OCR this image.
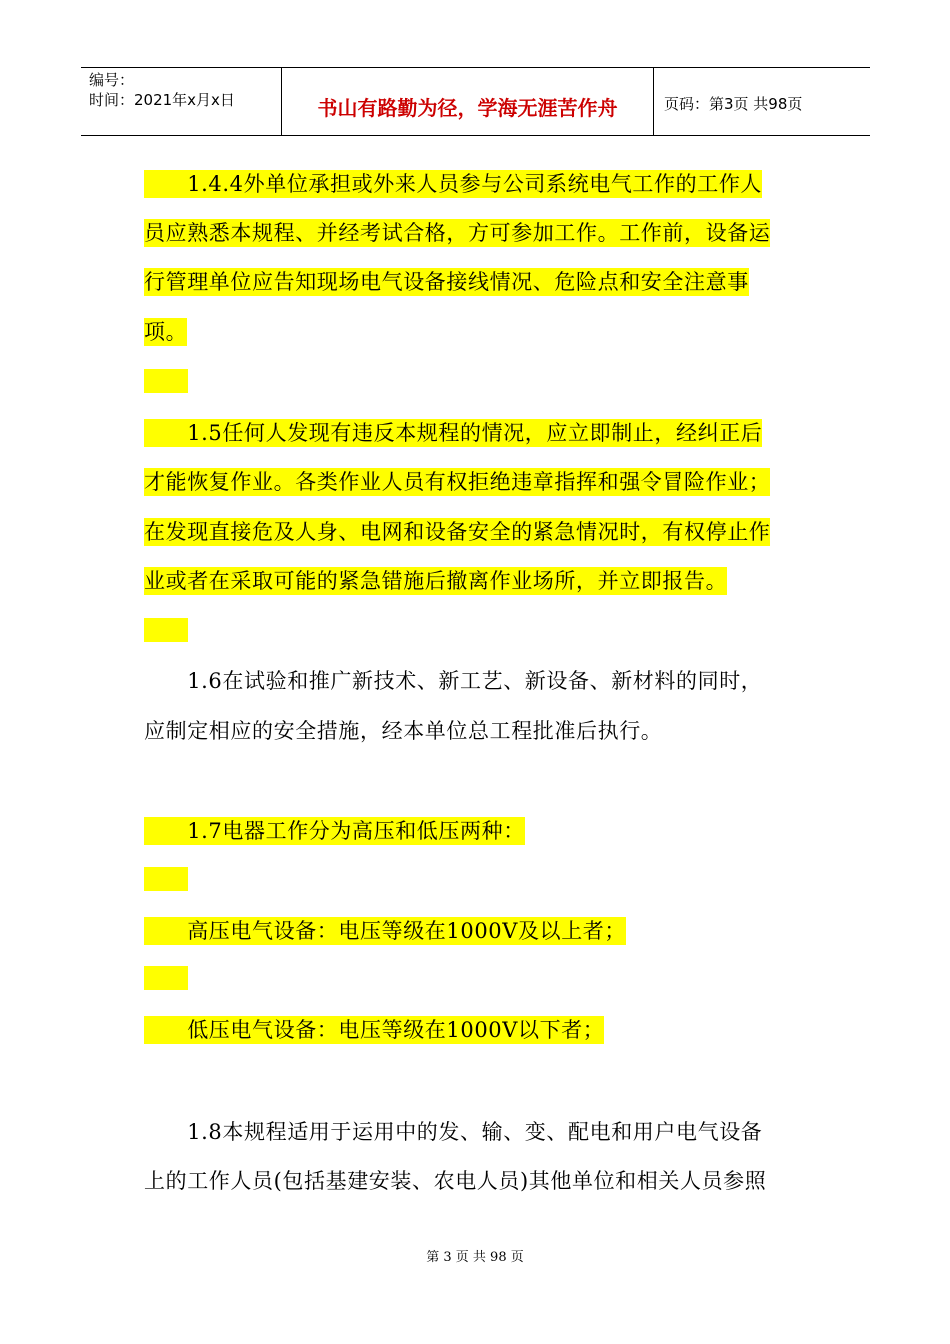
编号：
时间：2021年x月x日	书山有路勤为径，学海无涯苦作舟	页码：第3页 共98页
　　1.4.4外单位承担或外来人员参与公司系统电气工作的工作人
员应熟悉本规程、并经考试合格，方可参加工作。工作前，设备运
行管理单位应告知现场电气设备接线情况、危险点和安全注意事
项。
　　1.5任何人发现有违反本规程的情况，应立即制止，经纠正后
才能恢复作业。各类作业人员有权拒绝违章指挥和强令冒险作业；
在发现直接危及人身、电网和设备安全的紧急情况时，有权停止作
业或者在采取可能的紧急错施后撤离作业场所，并立即报告。
　　1.6在试验和推广新技术、新工艺、新设备、新材料的同时，
应制定相应的安全措施，经本单位总工程批准后执行。
　　1.7电器工作分为高压和低压两种：
　　高压电气设备：电压等级在1000V及以上者；
　　低压电气设备：电压等级在1000V以下者；
　　1.8本规程适用于运用中的发、输、变、配电和用户电气设备
上的工作人员(包括基建安装、农电人员)其他单位和相关人员参照
第 3 页 共 98 页
